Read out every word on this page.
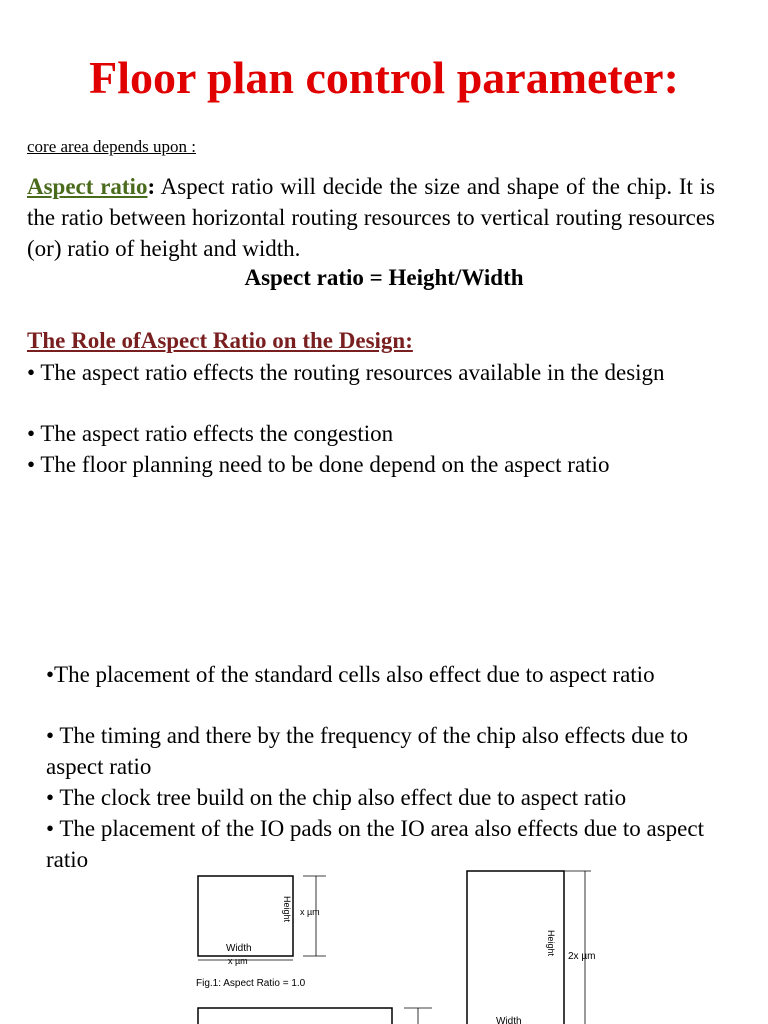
Floor plan control parameter:
core area depends upon :
Aspect ratio: Aspect ratio will decide the size and shape of the chip. It is the ratio between horizontal routing resources to vertical routing resources (or) ratio of height and width.
Aspect ratio = Height/Width
The Role ofAspect Ratio on the Design:
• The aspect ratio effects the routing resources available in the design
• The aspect ratio effects the congestion
• The floor planning need to be done depend on the aspect ratio
•The placement of the standard cells also effect due to aspect ratio
• The timing and there by the frequency of the chip also effects due to aspect ratio
• The clock tree build on the chip also effect due to aspect ratio
• The placement of the IO pads on the IO area also effects due to aspect ratio
Height x µm
Width
x µm
Fig.1: Aspect Ratio = 1.0
Height
2x µm
Width
